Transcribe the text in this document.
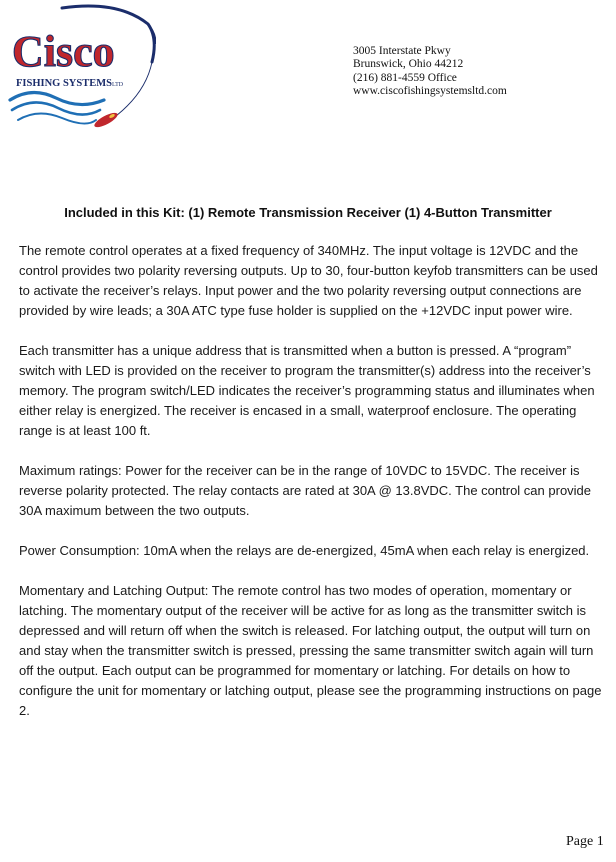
Cisco
FISHING SYSTEMS LTD
3005 Interstate Pkwy
Brunswick, Ohio 44212
(216) 881-4559 Office
www.ciscofishingsystemsltd.com
Included in this Kit: (1) Remote Transmission Receiver (1) 4-Button Transmitter

The remote control operates at a fixed frequency of 340MHz. The input voltage is 12VDC and the control provides two polarity reversing outputs. Up to 30, four-button keyfob transmitters can be used to activate the receiver’s relays. Input power and the two polarity reversing output connections are provided by wire leads; a 30A ATC type fuse holder is supplied on the +12VDC input power wire.

Each transmitter has a unique address that is transmitted when a button is pressed. A “program” switch with LED is provided on the receiver to program the transmitter(s) address into the receiver’s memory. The program switch/LED indicates the receiver’s programming status and illuminates when either relay is energized. The receiver is encased in a small, waterproof enclosure. The operating range is at least 100 ft.

Maximum ratings: Power for the receiver can be in the range of 10VDC to 15VDC. The receiver is reverse polarity protected. The relay contacts are rated at 30A @ 13.8VDC. The control can provide 30A maximum between the two outputs.

Power Consumption: 10mA when the relays are de-energized, 45mA when each relay is energized.

Momentary and Latching Output: The remote control has two modes of operation, momentary or latching. The momentary output of the receiver will be active for as long as the transmitter switch is depressed and will return off when the switch is released. For latching output, the output will turn on and stay when the transmitter switch is pressed, pressing the same transmitter switch again will turn off the output. Each output can be programmed for momentary or latching. For details on how to configure the unit for momentary or latching output, please see the programming instructions on page 2.

Page 1
